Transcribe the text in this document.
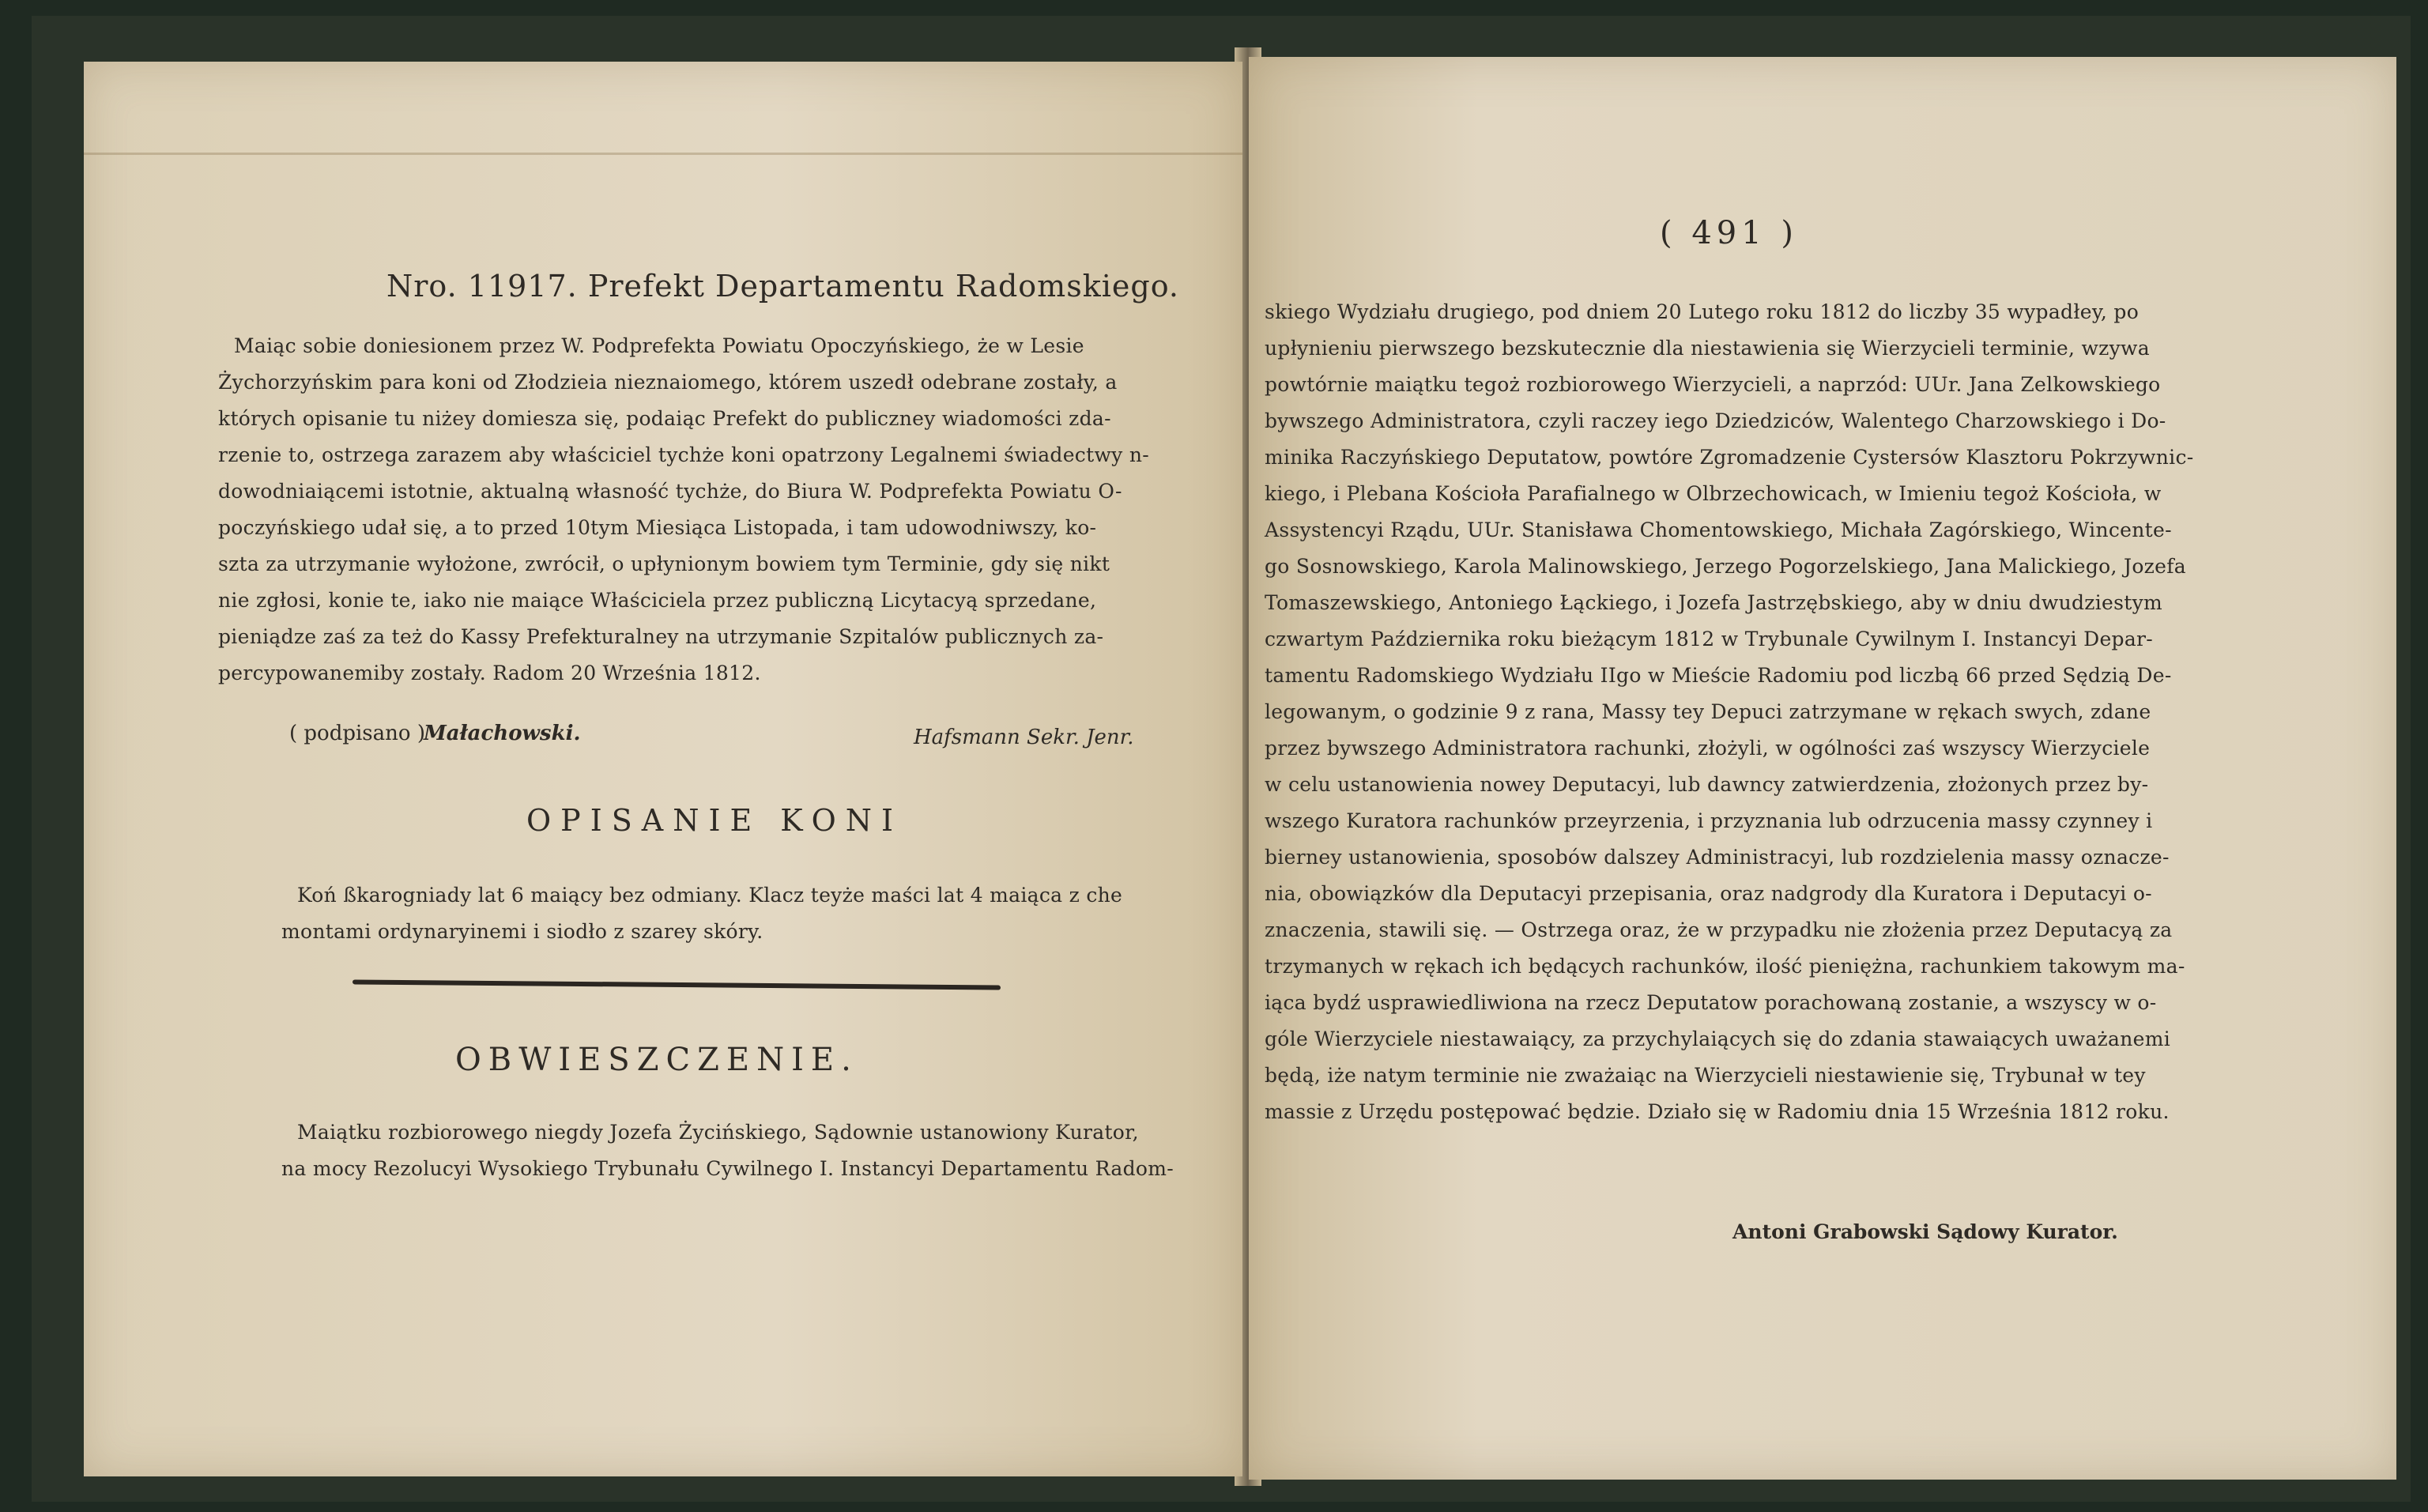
Nro. 11917. Prefekt Departamentu Radomskiego.
Maiąc sobie doniesionem przez W. Podprefekta Powiatu Opoczyńskiego, że w Lesie
Żychorzyńskim para koni od Złodzieia nieznaiomego, którem uszedł odebrane zostały, a
których opisanie tu niżey domiesza się, podaiąc Prefekt do publiczney wiadomości zda-
rzenie to, ostrzega zarazem aby właściciel tychże koni opatrzony Legalnemi świadectwy n-
dowodniaiącemi istotnie, aktualną własność tychże, do Biura W. Podprefekta Powiatu O-
poczyńskiego udał się, a to przed 10tym Miesiąca Listopada, i tam udowodniwszy, ko-
szta za utrzymanie wyłożone, zwrócił, o upłynionym bowiem tym Terminie, gdy się nikt
nie zgłosi, konie te, iako nie maiące Właściciela przez publiczną Licytacyą sprzedane,
pieniądze zaś za też do Kassy Prefekturalney na utrzymanie Szpitalów publicznych za-
percypowanemiby zostały. Radom 20 Września 1812.
( podpisano )
Małachowski.	Hafsmann Sekr. Jenr.
OPISANIE KONI
Koń ßkarogniady lat 6 maiący bez odmiany. Klacz teyże maści lat 4 maiąca z che
montami ordynaryinemi i siodło z szarey skóry.
OBWIESZCZENIE.
Maiątku rozbiorowego niegdy Jozefa Życińskiego, Sądownie ustanowiony Kurator,
na mocy Rezolucyi Wysokiego Trybunału Cywilnego I. Instancyi Departamentu Radom-
( 491 )
skiego Wydziału drugiego, pod dniem 20 Lutego roku 1812 do liczby 35 wypadłey, po
upłynieniu pierwszego bezskutecznie dla niestawienia się Wierzycieli terminie, wzywa
powtórnie maiątku tegoż rozbiorowego Wierzycieli, a naprzód: UUr. Jana Zelkowskiego
bywszego Administratora, czyli raczey iego Dziedziców, Walentego Charzowskiego i Do-
minika Raczyńskiego Deputatow, powtóre Zgromadzenie Cystersów Klasztoru Pokrzywnic-
kiego, i Plebana Kościoła Parafialnego w Olbrzechowicach, w Imieniu tegoż Kościoła, w
Assystencyi Rządu, UUr. Stanisława Chomentowskiego, Michała Zagórskiego, Wincente-
go Sosnowskiego, Karola Malinowskiego, Jerzego Pogorzelskiego, Jana Malickiego, Jozefa
Tomaszewskiego, Antoniego Łąckiego, i Jozefa Jastrzębskiego, aby w dniu dwudziestym
czwartym Października roku bieżącym 1812 w Trybunale Cywilnym I. Instancyi Depar-
tamentu Radomskiego Wydziału IIgo w Mieście Radomiu pod liczbą 66 przed Sędzią De-
legowanym, o godzinie 9 z rana, Massy tey Depuci zatrzymane w rękach swych, zdane
przez bywszego Administratora rachunki, złożyli, w ogólności zaś wszyscy Wierzyciele
w celu ustanowienia nowey Deputacyi, lub dawncy zatwierdzenia, złożonych przez by-
wszego Kuratora rachunków przeyrzenia, i przyznania lub odrzucenia massy czynney i
bierney ustanowienia, sposobów dalszey Administracyi, lub rozdzielenia massy oznacze-
nia, obowiązków dla Deputacyi przepisania, oraz nadgrody dla Kuratora i Deputacyi o-
znaczenia, stawili się. — Ostrzega oraz, że w przypadku nie złożenia przez Deputacyą za
trzymanych w rękach ich będących rachunków, ilość pieniężna, rachunkiem takowym ma-
iąca bydź usprawiedliwiona na rzecz Deputatow porachowaną zostanie, a wszyscy w o-
góle Wierzyciele niestawaiący, za przychylaiących się do zdania stawaiących uważanemi
będą, iże natym terminie nie zważaiąc na Wierzycieli niestawienie się, Trybunał w tey
massie z Urzędu postępować będzie. Działo się w Radomiu dnia 15 Września 1812 roku.
Antoni Grabowski Sądowy Kurator.
